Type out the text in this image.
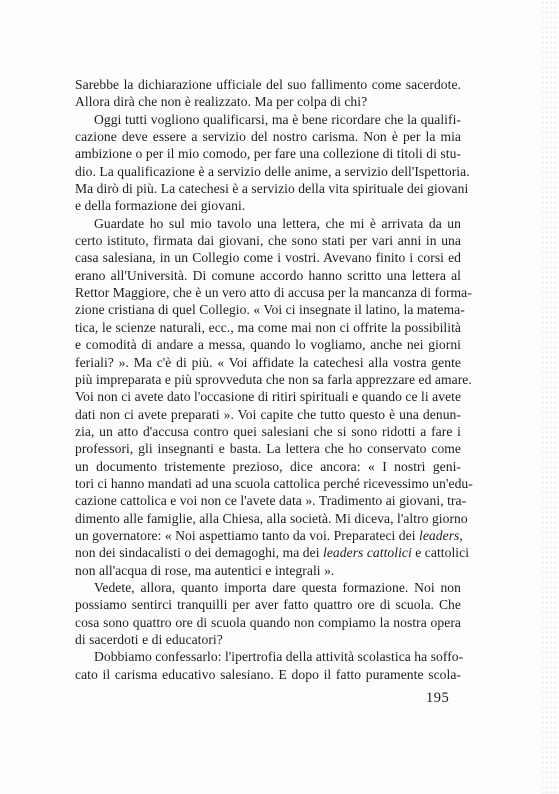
Sarebbe la dichiarazione ufficiale del suo fallimento come sacerdote.
Allora dirà che non è realizzato. Ma per colpa di chi?
Oggi tutti vogliono qualificarsi, ma è bene ricordare che la qualifi-
cazione deve essere a servizio del nostro carisma. Non è per la mia
ambizione o per il mio comodo, per fare una collezione di titoli di stu-
dio. La qualificazione è a servizio delle anime, a servizio dell'Ispettoria.
Ma dirò di più. La catechesi è a servizio della vita spirituale dei giovani
e della formazione dei giovani.
Guardate ho sul mio tavolo una lettera, che mi è arrivata da un
certo istituto, firmata dai giovani, che sono stati per vari anni in una
casa salesiana, in un Collegio come i vostri. Avevano finito i corsi ed
erano all'Università. Di comune accordo hanno scritto una lettera al
Rettor Maggiore, che è un vero atto di accusa per la mancanza di forma-
zione cristiana di quel Collegio. « Voi ci insegnate il latino, la matema-
tica, le scienze naturali, ecc., ma come mai non ci offrite la possibilità
e comodità di andare a messa, quando lo vogliamo, anche nei giorni
feriali? ». Ma c'è di più. « Voi affidate la catechesi alla vostra gente
più impreparata e più sprovveduta che non sa farla apprezzare ed amare.
Voi non ci avete dato l'occasione di ritiri spirituali e quando ce li avete
dati non ci avete preparati ». Voi capite che tutto questo è una denun-
zia, un atto d'accusa contro quei salesiani che si sono ridotti a fare i
professori, gli insegnanti e basta. La lettera che ho conservato come
un documento tristemente prezioso, dice ancora: « I nostri geni-
tori ci hanno mandati ad una scuola cattolica perché ricevessimo un'edu-
cazione cattolica e voi non ce l'avete data ». Tradimento ai giovani, tra-
dimento alle famiglie, alla Chiesa, alla società. Mi diceva, l'altro giorno
un governatore: « Noi aspettiamo tanto da voi. Preparateci dei leaders,
non dei sindacalisti o dei demagoghi, ma dei leaders cattolici e cattolici
non all'acqua di rose, ma autentici e integrali ».
Vedete, allora, quanto importa dare questa formazione. Noi non
possiamo sentirci tranquilli per aver fatto quattro ore di scuola. Che
cosa sono quattro ore di scuola quando non compiamo la nostra opera
di sacerdoti e di educatori?
Dobbiamo confessarlo: l'ipertrofia della attività scolastica ha soffo-
cato il carisma educativo salesiano. E dopo il fatto puramente scola-
195
